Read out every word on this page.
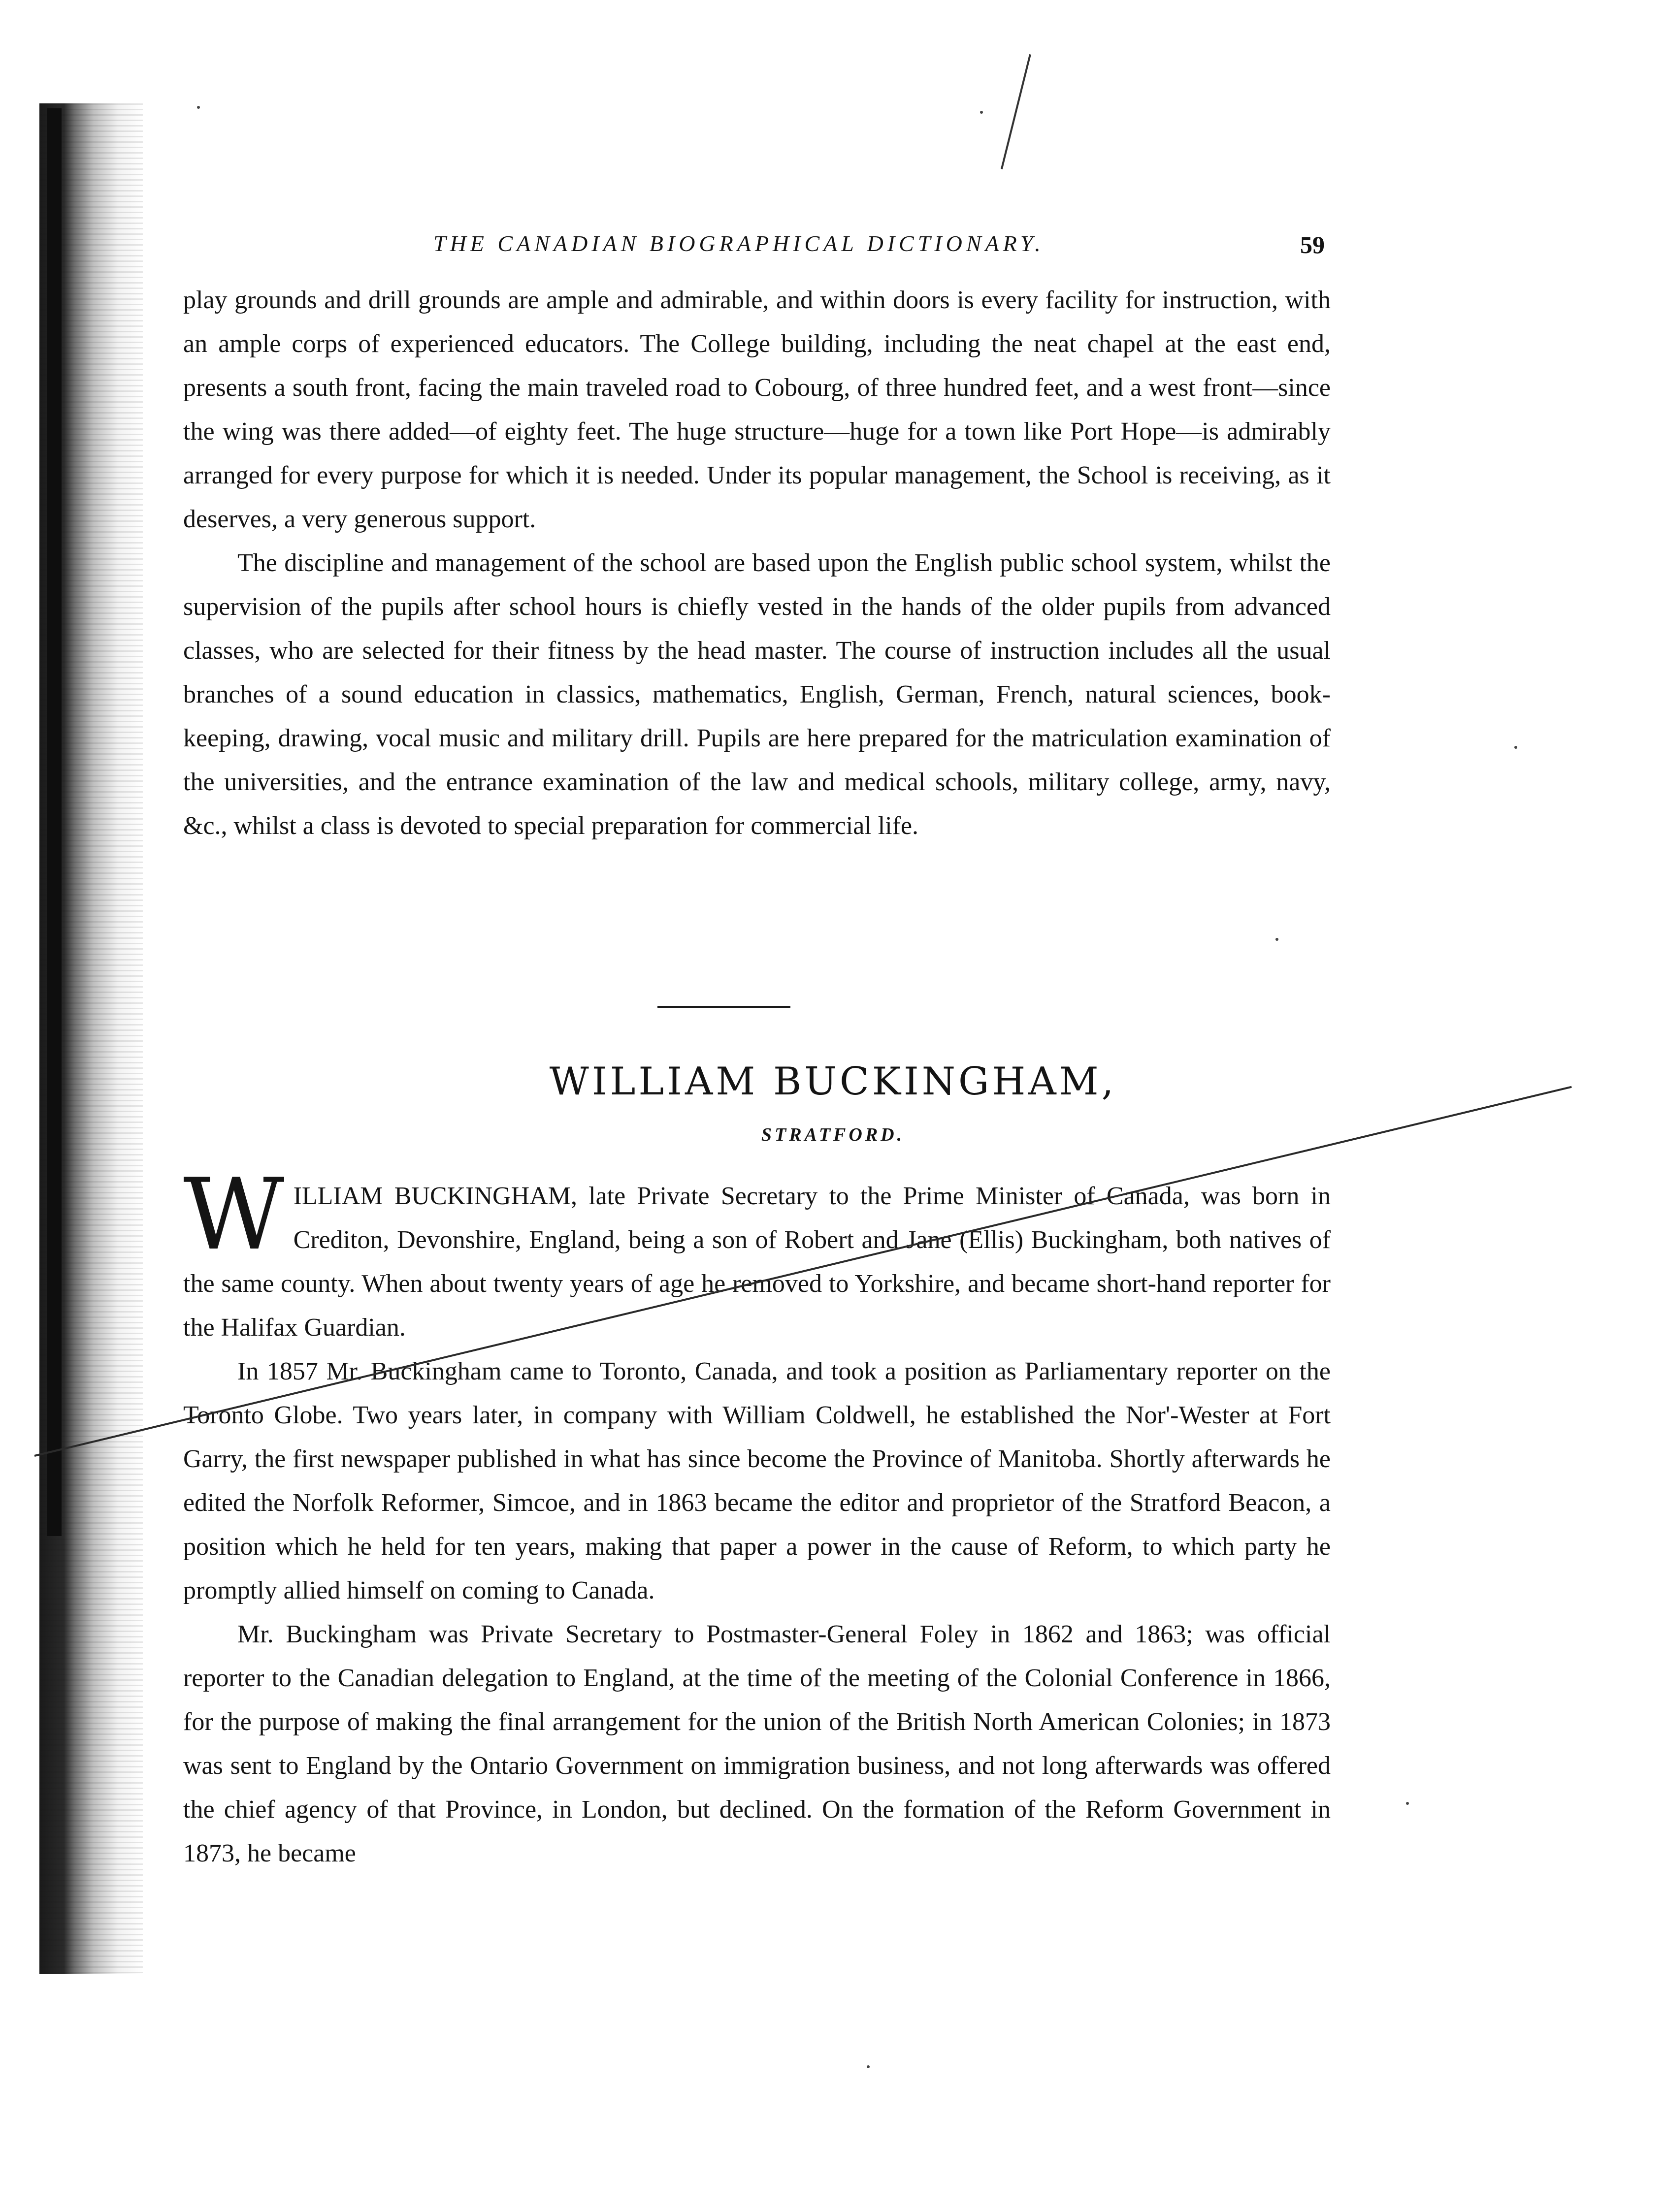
THE CANADIAN BIOGRAPHICAL DICTIONARY.	59

play grounds and drill grounds are ample and admirable, and within doors is every facility for instruction, with an ample corps of experienced educators. The College building, including the neat chapel at the east end, presents a south front, facing the main traveled road to Cobourg, of three hundred feet, and a west front—since the wing was there added—of eighty feet. The huge structure—huge for a town like Port Hope—is admirably arranged for every purpose for which it is needed. Under its popular management, the School is receiving, as it deserves, a very generous support.

The discipline and management of the school are based upon the English public school system, whilst the supervision of the pupils after school hours is chiefly vested in the hands of the older pupils from advanced classes, who are selected for their fitness by the head master. The course of instruction includes all the usual branches of a sound education in classics, mathematics, English, German, French, natural sciences, book-keeping, drawing, vocal music and military drill. Pupils are here prepared for the matriculation examination of the universities, and the entrance examination of the law and medical schools, military college, army, navy, &c., whilst a class is devoted to special preparation for commercial life.

WILLIAM BUCKINGHAM,
STRATFORD.

W ILLIAM BUCKINGHAM, late Private Secretary to the Prime Minister of Canada, was born in Crediton, Devonshire, England, being a son of Robert and Jane (Ellis) Buckingham, both natives of the same county. When about twenty years of age he removed to Yorkshire, and became short-hand reporter for the Halifax Guardian.

In 1857 Mr. Buckingham came to Toronto, Canada, and took a position as Parliamentary reporter on the Toronto Globe. Two years later, in company with William Coldwell, he established the Nor'-Wester at Fort Garry, the first newspaper published in what has since become the Province of Manitoba. Shortly afterwards he edited the Norfolk Reformer, Simcoe, and in 1863 became the editor and proprietor of the Stratford Beacon, a position which he held for ten years, making that paper a power in the cause of Reform, to which party he promptly allied himself on coming to Canada.

Mr. Buckingham was Private Secretary to Postmaster-General Foley in 1862 and 1863; was official reporter to the Canadian delegation to England, at the time of the meeting of the Colonial Conference in 1866, for the purpose of making the final arrangement for the union of the British North American Colonies; in 1873 was sent to England by the Ontario Government on immigration business, and not long afterwards was offered the chief agency of that Province, in London, but declined. On the formation of the Reform Government in 1873, he became
